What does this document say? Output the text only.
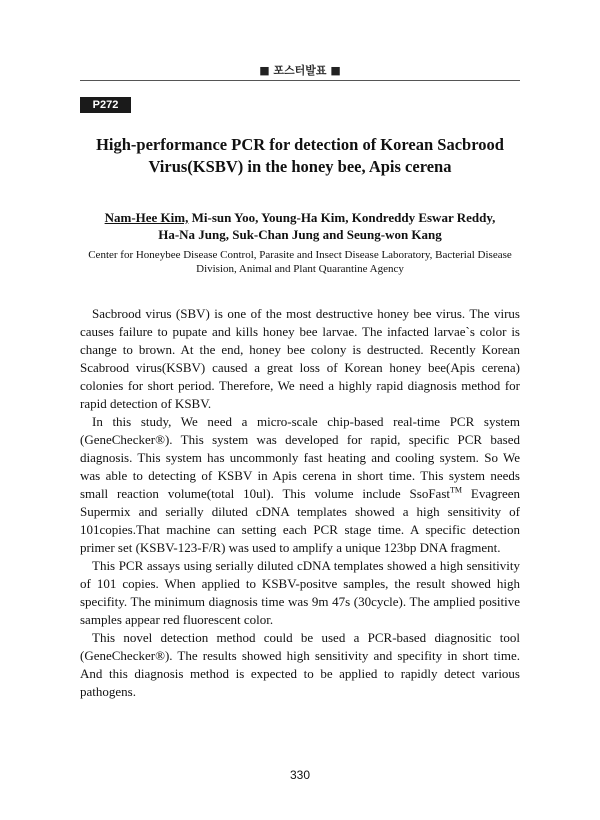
■ 포스터발표 ■
P272
High-performance PCR for detection of Korean Sacbrood
Virus(KSBV) in the honey bee, Apis cerena
Nam-Hee Kim, Mi-sun Yoo, Young-Ha Kim, Kondreddy Eswar Reddy,
Ha-Na Jung, Suk-Chan Jung and Seung-won Kang
Center for Honeybee Disease Control, Parasite and Insect Disease Laboratory, Bacterial Disease
Division, Animal and Plant Quarantine Agency

Sacbrood virus (SBV) is one of the most destructive honey bee virus. The virus causes failure to pupate and kills honey bee larvae. The infacted larvae`s color is change to brown. At the end, honey bee colony is destructed. Recently Korean Scabrood virus(KSBV) caused a great loss of Korean honey bee(Apis cerena) colonies for short period. Therefore, We need a highly rapid diagnosis method for rapid detection of KSBV.

In this study, We need a micro-scale chip-based real-time PCR system (GeneChecker®). This system was developed for rapid, specific PCR based diagnosis. This system has uncommonly fast heating and cooling system. So We was able to detecting of KSBV in Apis cerena in short time. This system needs small reaction volume(total 10ul). This volume include SsoFast™ Evagreen Supermix and serially diluted cDNA templates showed a high sensitivity of 101copies.That machine can setting each PCR stage time. A specific detection primer set (KSBV-123-F/R) was used to amplify a unique 123bp DNA fragment.

This PCR assays using serially diluted cDNA templates showed a high sensitivity of 101 copies. When applied to KSBV-positve samples, the result showed high specifity. The minimum diagnosis time was 9m 47s (30cycle). The amplied positive samples appear red fluorescent color.

This novel detection method could be used a PCR-based diagnositic tool (GeneChecker®). The results showed high sensitivity and specifity in short time. And this diagnosis method is expected to be applied to rapidly detect various pathogens.

330
